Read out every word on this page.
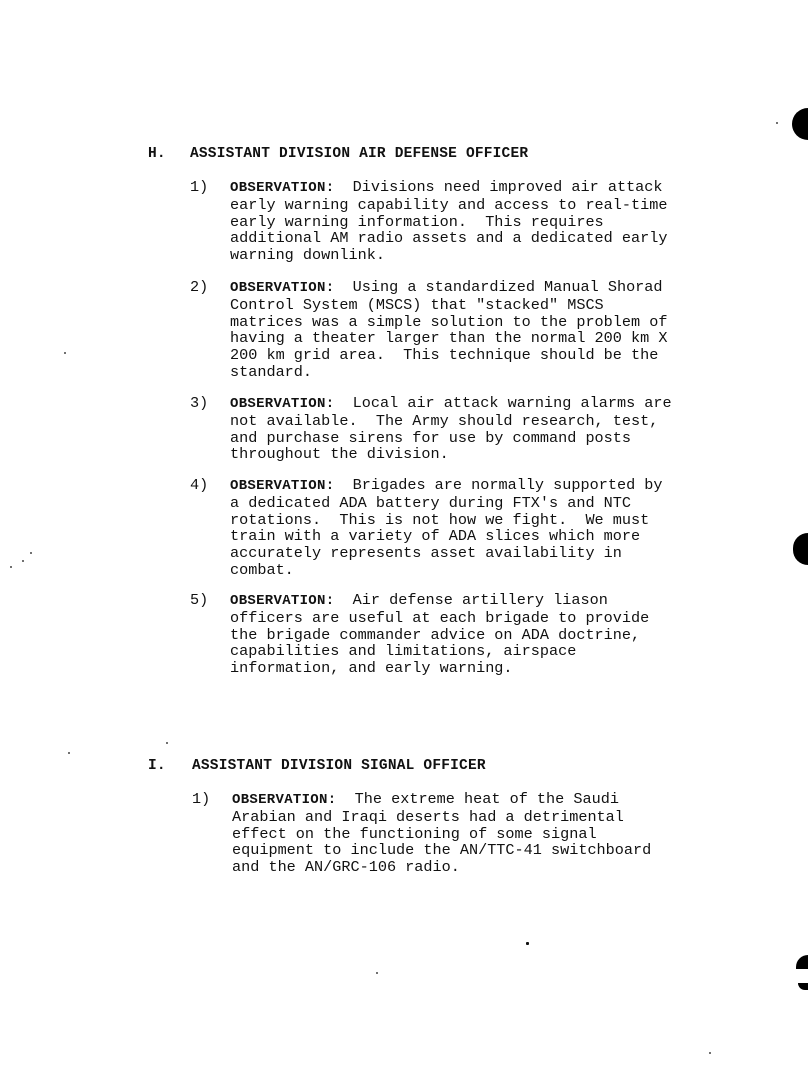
H. ASSISTANT DIVISION AIR DEFENSE OFFICER
1) OBSERVATION:  Divisions need improved air attack
early warning capability and access to real-time
early warning information.  This requires
additional AM radio assets and a dedicated early
warning downlink.
2) OBSERVATION:  Using a standardized Manual Shorad
Control System (MSCS) that "stacked" MSCS
matrices was a simple solution to the problem of
having a theater larger than the normal 200 km X
200 km grid area.  This technique should be the
standard.
3) OBSERVATION:  Local air attack warning alarms are
not available.  The Army should research, test,
and purchase sirens for use by command posts
throughout the division.
4) OBSERVATION:  Brigades are normally supported by
a dedicated ADA battery during FTX's and NTC
rotations.  This is not how we fight.  We must
train with a variety of ADA slices which more
accurately represents asset availability in
combat.
5) OBSERVATION:  Air defense artillery liason
officers are useful at each brigade to provide
the brigade commander advice on ADA doctrine,
capabilities and limitations, airspace
information, and early warning.
I. ASSISTANT DIVISION SIGNAL OFFICER
1) OBSERVATION:  The extreme heat of the Saudi
Arabian and Iraqi deserts had a detrimental
effect on the functioning of some signal
equipment to include the AN/TTC-41 switchboard
and the AN/GRC-106 radio.
